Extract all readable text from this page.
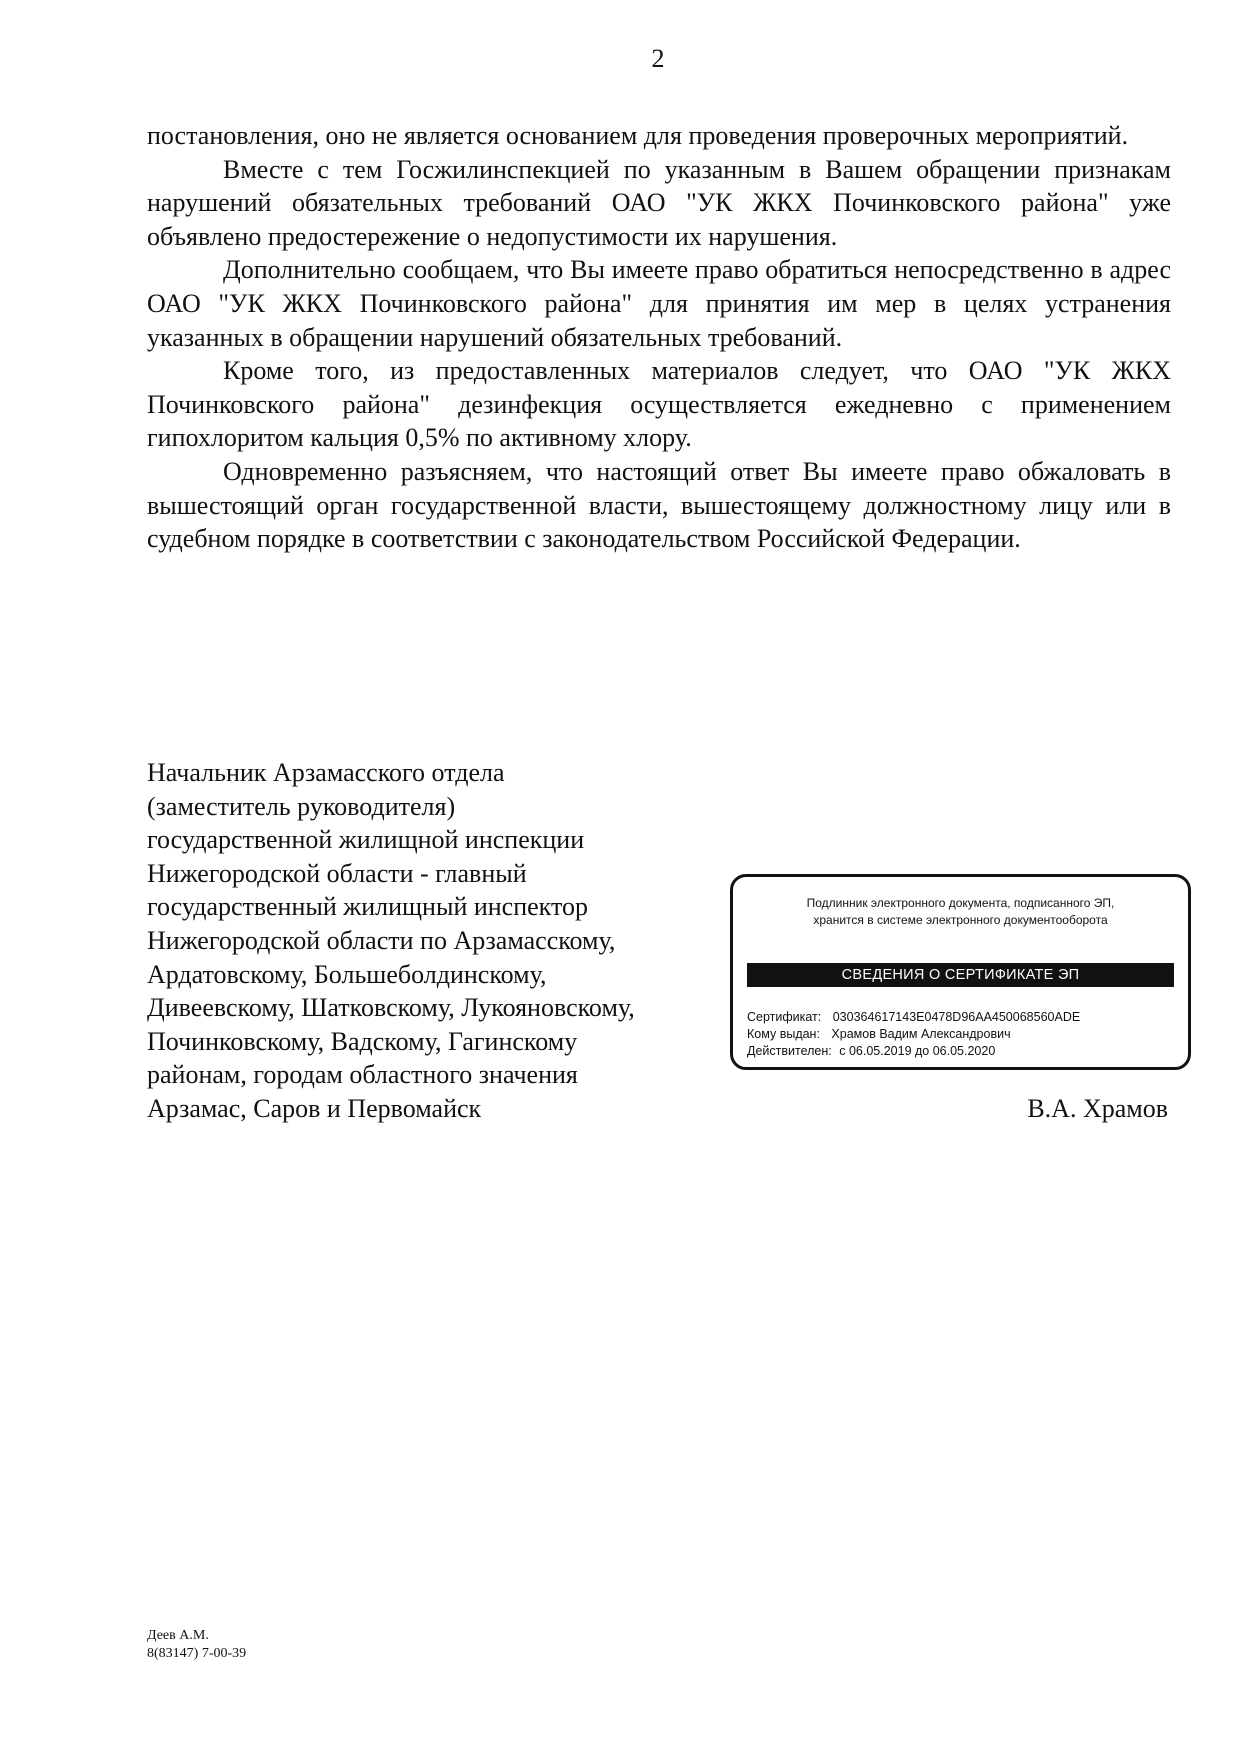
2

постановления, оно не является основанием для проведения проверочных мероприятий.

Вместе с тем Госжилинспекцией по указанным в Вашем обращении признакам нарушений обязательных требований ОАО "УК ЖКХ Починковского района" уже объявлено предостережение о недопустимости их нарушения.

Дополнительно сообщаем, что Вы имеете право обратиться непосредственно в адрес ОАО "УК ЖКХ Починковского района" для принятия им мер в целях устранения указанных в обращении нарушений обязательных требований.

Кроме того, из предоставленных материалов следует, что ОАО "УК ЖКХ Починковского района" дезинфекция осуществляется ежедневно с применением гипохлоритом кальция 0,5% по активному хлору.

Одновременно разъясняем, что настоящий ответ Вы имеете право обжаловать в вышестоящий орган государственной власти, вышестоящему должностному лицу или в судебном порядке в соответствии с законодательством Российской Федерации.

Начальник Арзамасского отдела
(заместитель руководителя)
государственной жилищной инспекции
Нижегородской области - главный
государственный жилищный инспектор
Нижегородской области по Арзамасскому,
Ардатовскому, Большеболдинскому,
Дивеевскому, Шатковскому, Лукояновскому,
Починковскому, Вадскому, Гагинскому
районам, городам областного значения
Арзамас, Саров и Первомайск
Подлинник электронного документа, подписанного ЭП,
хранится в системе электронного документооборота
СВЕДЕНИЯ О СЕРТИФИКАТЕ ЭП
Сертификат: 030364617143E0478D96AA450068560ADE
Кому выдан: Храмов Вадим Александрович
Действителен: с 06.05.2019 до 06.05.2020
В.А. Храмов
Деев А.М.
8(83147) 7-00-39
